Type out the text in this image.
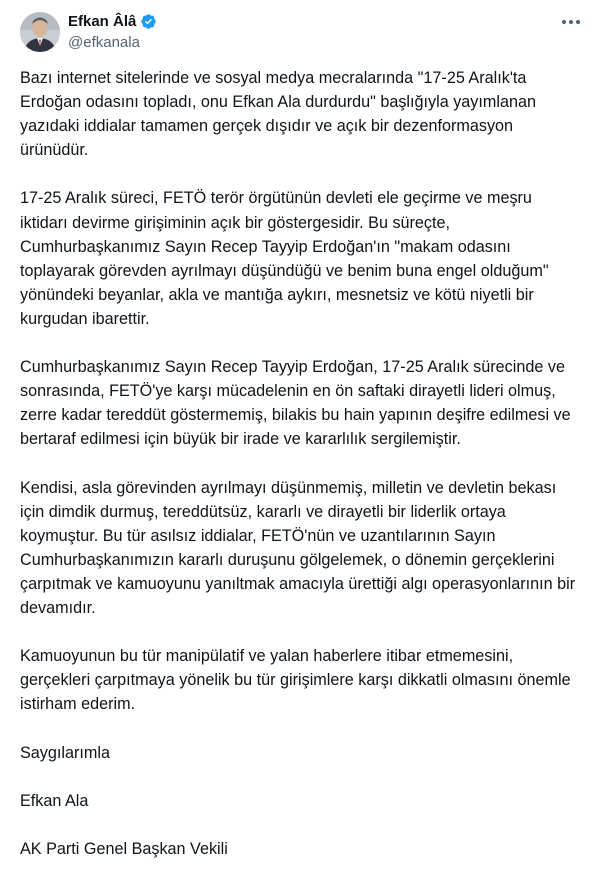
Efkan Âlâ
@efkanala

Bazı internet sitelerinde ve sosyal medya mecralarında "17-25 Aralık'ta Erdoğan odasını topladı, onu Efkan Ala durdurdu" başlığıyla yayımlanan yazıdaki iddialar tamamen gerçek dışıdır ve açık bir dezenformasyon ürünüdür.

17-25 Aralık süreci, FETÖ terör örgütünün devleti ele geçirme ve meşru iktidarı devirme girişiminin açık bir göstergesidir. Bu süreçte, Cumhurbaşkanımız Sayın Recep Tayyip Erdoğan'ın "makam odasını toplayarak görevden ayrılmayı düşündüğü ve benim buna engel olduğum" yönündeki beyanlar, akla ve mantığa aykırı, mesnetsiz ve kötü niyetli bir kurgudan ibarettir.

Cumhurbaşkanımız Sayın Recep Tayyip Erdoğan, 17-25 Aralık sürecinde ve sonrasında, FETÖ'ye karşı mücadelenin en ön saftaki dirayetli lideri olmuş, zerre kadar tereddüt göstermemiş, bilakis bu hain yapının deşifre edilmesi ve bertaraf edilmesi için büyük bir irade ve kararlılık sergilemiştir.

Kendisi, asla görevinden ayrılmayı düşünmemiş, milletin ve devletin bekası için dimdik durmuş, tereddütsüz, kararlı ve dirayetli bir liderlik ortaya koymuştur. Bu tür asılsız iddialar, FETÖ'nün ve uzantılarının Sayın Cumhurbaşkanımızın kararlı duruşunu gölgelemek, o dönemin gerçeklerini çarpıtmak ve kamuoyunu yanıltmak amacıyla ürettiği algı operasyonlarının bir devamıdır.

Kamuoyunun bu tür manipülatif ve yalan haberlere itibar etmemesini, gerçekleri çarpıtmaya yönelik bu tür girişimlere karşı dikkatli olmasını önemle istirham ederim.

Saygılarımla

Efkan Ala

AK Parti Genel Başkan Vekili
